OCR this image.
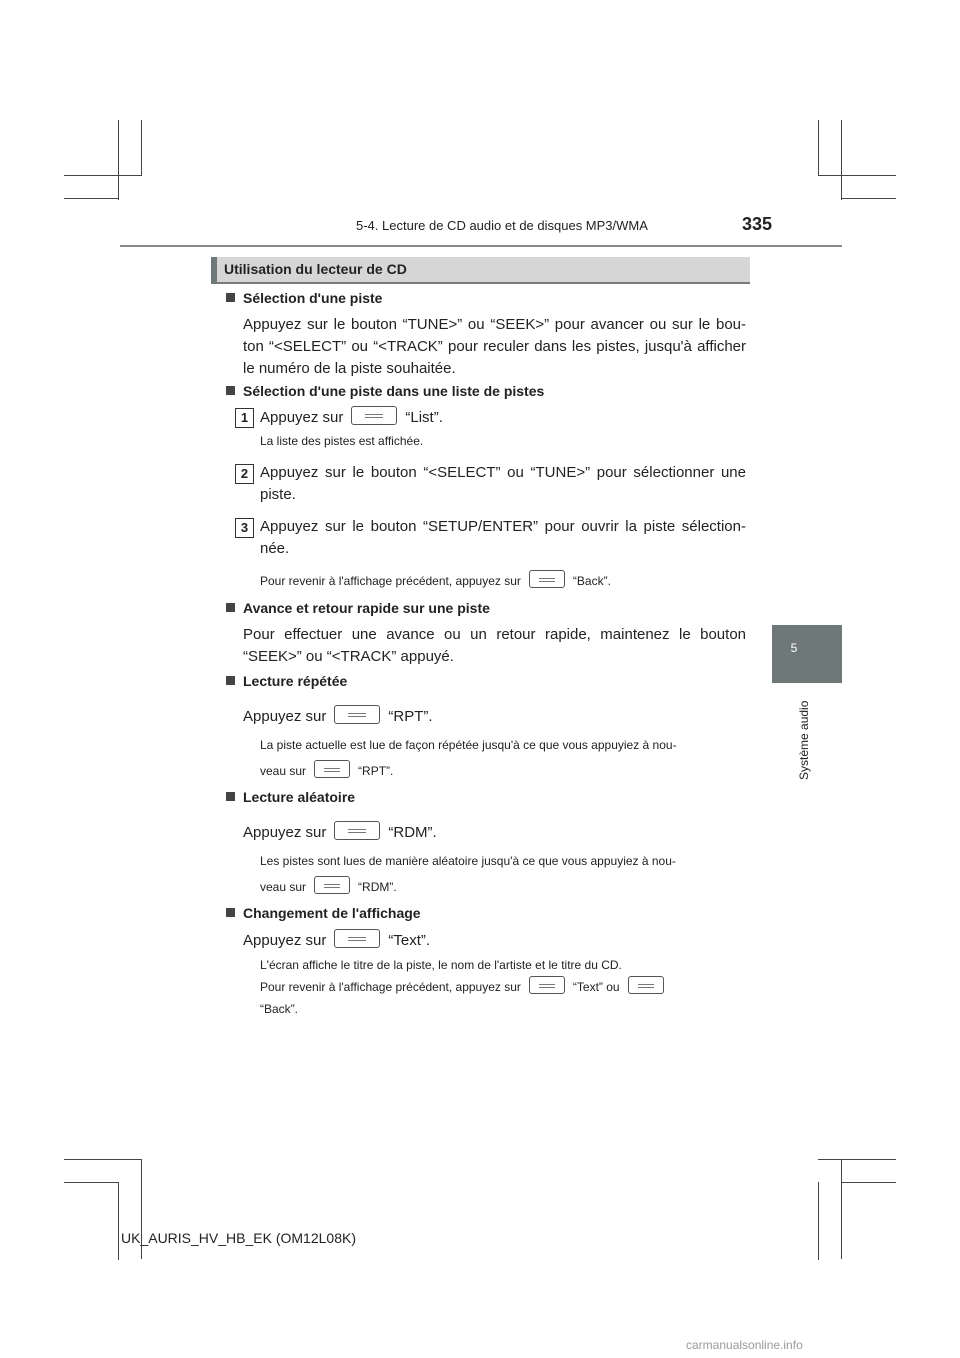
5-4. Lecture de CD audio et de disques MP3/WMA	335
5
Système audio
Utilisation du lecteur de CD
Sélection d'une piste
Appuyez sur le bouton “TUNE>” ou “SEEK>” pour avancer ou sur le bou-ton “<SELECT” ou “<TRACK” pour reculer dans les pistes, jusqu'à afficher le numéro de la piste souhaitée.
Sélection d'une piste dans une liste de pistes
1 Appuyez sur	“List”.
La liste des pistes est affichée.
2 Appuyez sur le bouton “<SELECT” ou “TUNE>” pour sélectionner une piste.
3 Appuyez sur le bouton “SETUP/ENTER” pour ouvrir la piste sélection-née.
Pour revenir à l'affichage précédent, appuyez sur	“Back”.
Avance et retour rapide sur une piste
Pour effectuer une avance ou un retour rapide, maintenez le bouton “SEEK>” ou “<TRACK” appuyé.
Lecture répétée
Appuyez sur	“RPT”.
La piste actuelle est lue de façon répétée jusqu'à ce que vous appuyiez à nou-
veau sur	“RPT”.
Lecture aléatoire
Appuyez sur	“RDM”.
Les pistes sont lues de manière aléatoire jusqu'à ce que vous appuyiez à nou-
veau sur	“RDM”.
Changement de l'affichage
Appuyez sur	“Text”.
L'écran affiche le titre de la piste, le nom de l'artiste et le titre du CD.
Pour revenir à l'affichage précédent, appuyez sur	“Text” ou
“Back”.
UK_AURIS_HV_HB_EK (OM12L08K)
carmanualsonline.info
